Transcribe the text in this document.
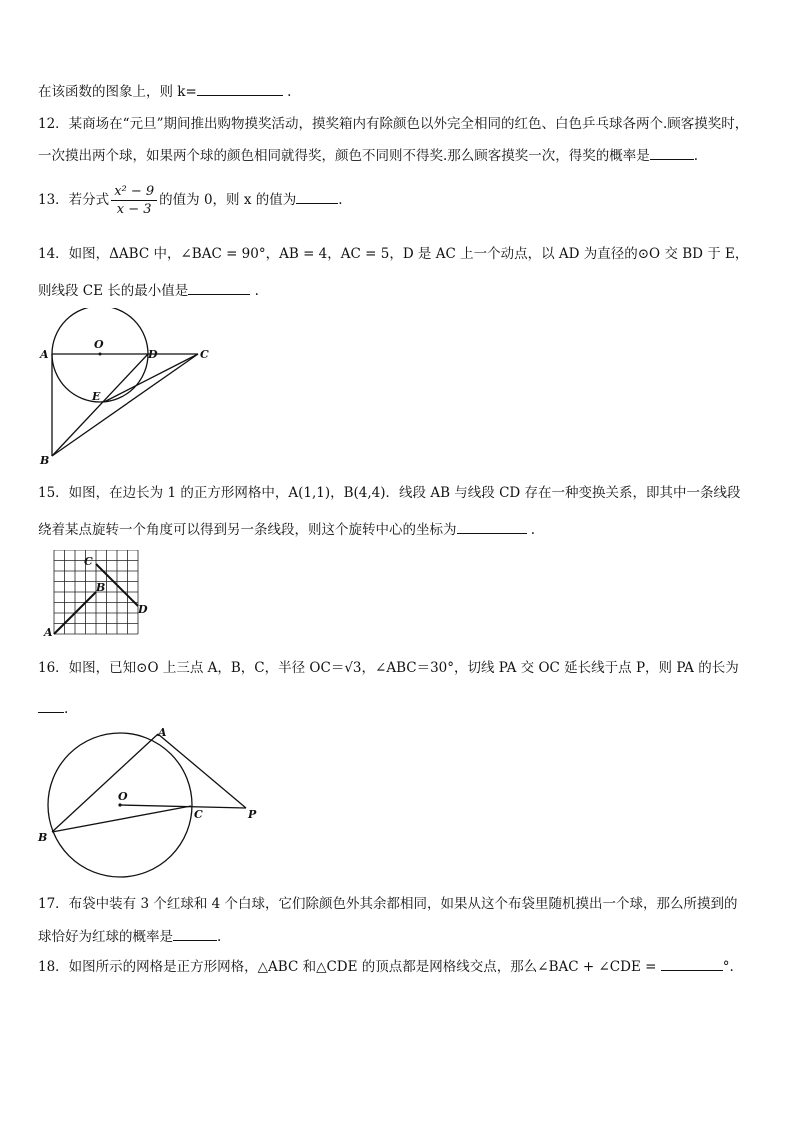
在该函数的图象上，则 k=	.
12．某商场在“元旦”期间推出购物摸奖活动，摸奖箱内有除颜色以外完全相同的红色、白色乒乓球各两个.顾客摸奖时，
一次摸出两个球，如果两个球的颜色相同就得奖，颜色不同则不得奖.那么顾客摸奖一次，得奖的概率是	.
13．若分式 $\frac{\text{x² − 9}}{x - 3}$ 的值为 0，则 x 的值为	.
14．如图，ΔABC 中，∠BAC = 90°，AB = 4，AC = 5，D 是 AC 上一个动点，以 AD 为直径的⊙O 交 BD 于 E，
则线段 CE 长的最小值是	.
A
O
D	C
E
B
15．如图，在边长为 1 的正方形网格中，A(1,1)，B(4,4)．线段 AB 与线段 CD 存在一种变换关系，即其中一条线段
绕着某点旋转一个角度可以得到另一条线段，则这个旋转中心的坐标为	.
A
B
C
D
16．如图，已知⊙O 上三点 A，B，C，半径 OC＝√3，∠ABC＝30°，切线 PA 交 OC 延长线于点 P，则 PA 的长为
.
A
O
C	P
B
17．布袋中装有 3 个红球和 4 个白球，它们除颜色外其余都相同，如果从这个布袋里随机摸出一个球，那么所摸到的
球恰好为红球的概率是	.
18．如图所示的网格是正方形网格，△ABC 和△CDE 的顶点都是网格线交点，那么∠BAC + ∠CDE =	°.
